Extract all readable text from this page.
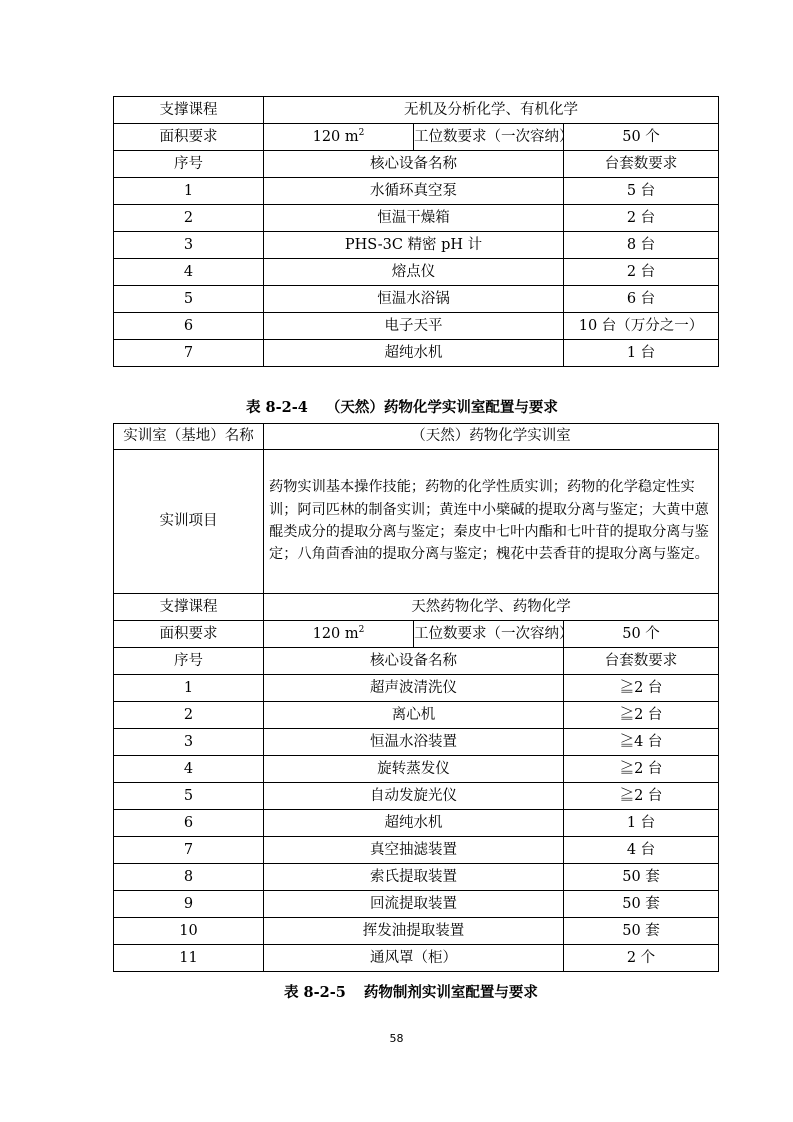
支撑课程	无机及分析化学、有机化学		
面积要求	120 $m^2$	工位数要求（一次容纳）	50 个
序号	核心设备名称		台套数要求
1	水循环真空泵		5 台
2	恒温干燥箱		2 台
3	PHS-3C 精密 pH 计		8 台
4	熔点仪		2 台
5	恒温水浴锅		6 台
6	电子天平		10 台（万分之一）
7	超纯水机		1 台
表 8-2-4 （天然）药物化学实训室配置与要求
实训室（基地）名称	（天然）药物化学实训室		
实训项目	药物实训基本操作技能；药物的化学性质实训；药物的化学稳定性实训；阿司匹林的制备实训；黄连中小檗碱的提取分离与鉴定；大黄中蒽醌类成分的提取分离与鉴定；秦皮中七叶内酯和七叶苷的提取分离与鉴定；八角茴香油的提取分离与鉴定；槐花中芸香苷的提取分离与鉴定。		
支撑课程	天然药物化学、药物化学		
面积要求	120 $m^2$	工位数要求（一次容纳）	50 个
序号	核心设备名称		台套数要求
1	超声波清洗仪		≧2 台
2	离心机		≧2 台
3	恒温水浴装置		≧4 台
4	旋转蒸发仪		≧2 台
5	自动发旋光仪		≧2 台
6	超纯水机		1 台
7	真空抽滤装置		4 台
8	索氏提取装置		50 套
9	回流提取装置		50 套
10	挥发油提取装置		50 套
11	通风罩（柜）		2 个
表 8-2-5 药物制剂实训室配置与要求
58
